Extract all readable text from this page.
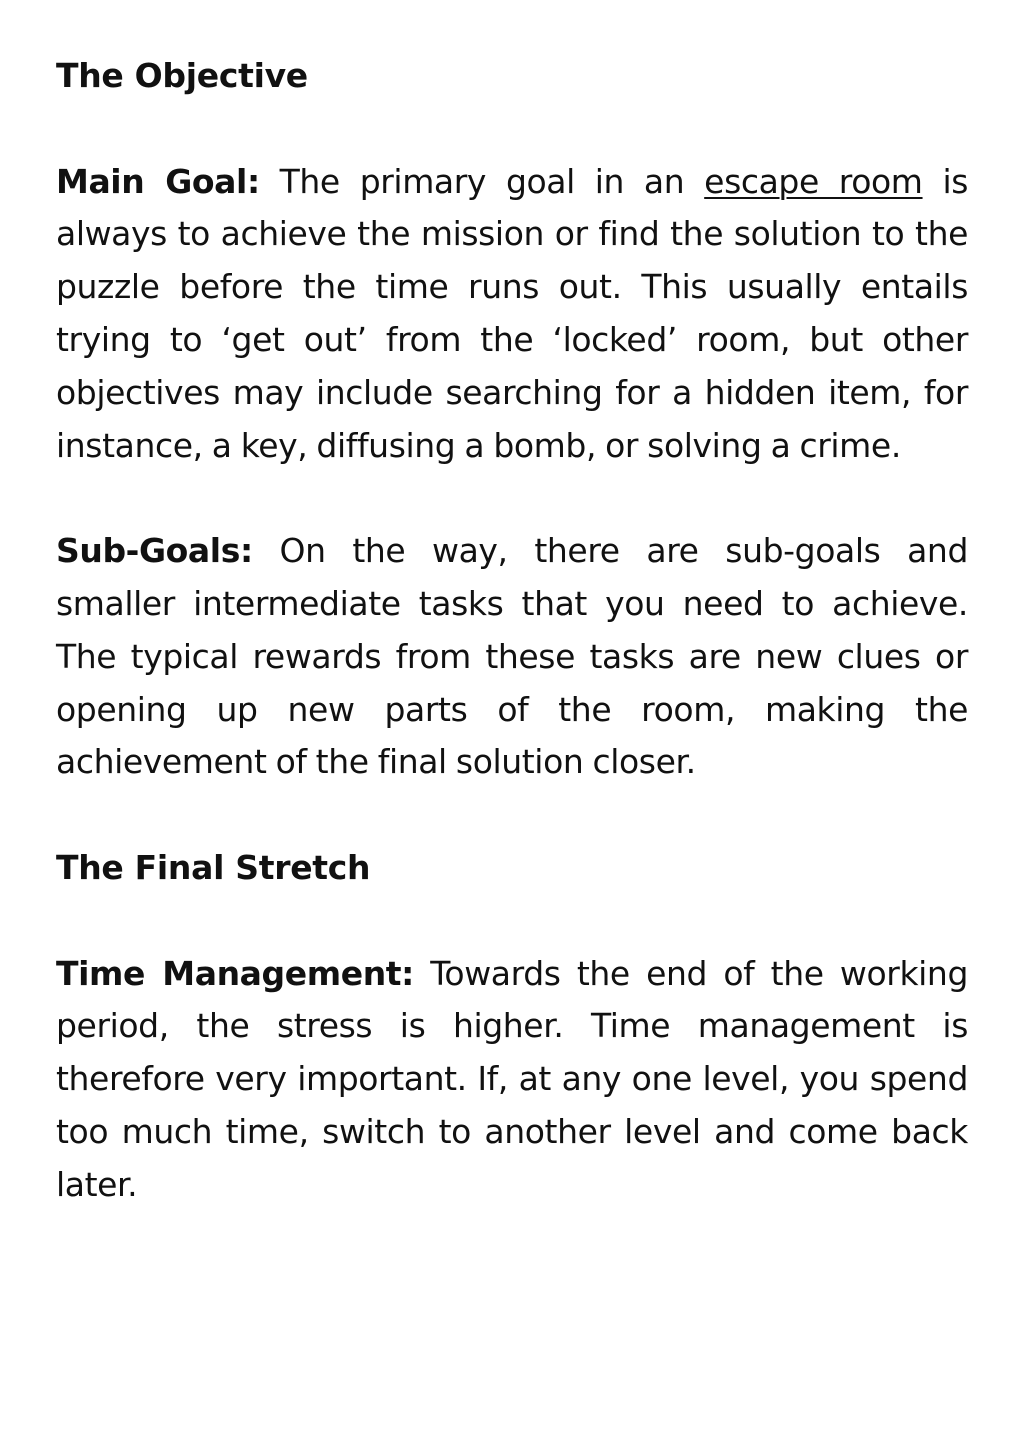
The Objective

Main Goal: The primary goal in an escape room is always to achieve the mission or find the solution to the puzzle before the time runs out. This usually entails trying to ‘get out’ from the ‘locked’ room, but other objectives may include searching for a hidden item, for instance, a key, diffusing a bomb, or solving a crime.

Sub-Goals: On the way, there are sub-goals and smaller intermediate tasks that you need to achieve. The typical rewards from these tasks are new clues or opening up new parts of the room, making the achievement of the final solution closer.

The Final Stretch

Time Management: Towards the end of the working period, the stress is higher. Time management is therefore very important. If, at any one level, you spend too much time, switch to another level and come back later.
